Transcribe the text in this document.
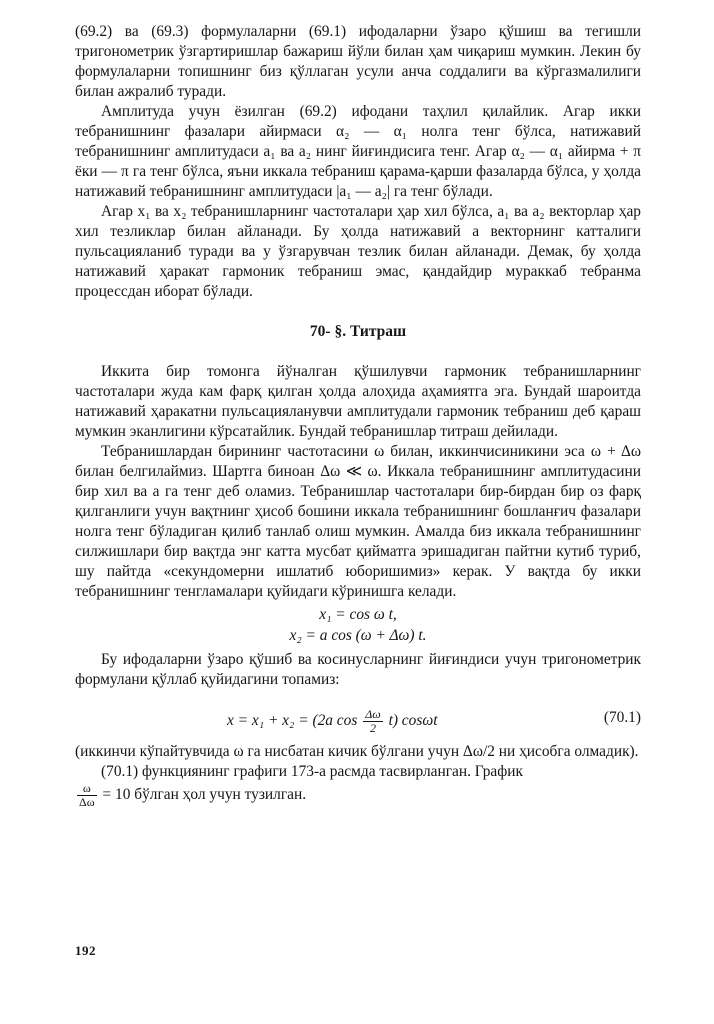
(69.2) ва (69.3) формулаларни (69.1) ифодаларни ўзаро қўшиш ва тегишли тригонометрик ўзгартиришлар бажариш йўли билан ҳам чиқариш мумкин. Лекин бу формулаларни топишнинг биз қўллаган усули анча соддалиги ва кўргазмалилиги билан ажралиб туради.

Амплитуда учун ёзилган (69.2) ифодани таҳлил қилайлик. Агар икки тебранишнинг фазалари айирмаси α₂ — α₁ нолга тенг бўлса, натижавий тебранишнинг амплитудаси a₁ ва a₂ нинг йиғиндисига тенг. Агар α₂ — α₁ айирма + π ёки — π га тенг бўлса, яъни иккала тебраниш қарама-қарши фазаларда бўлса, у ҳолда натижавий тебранишнинг амплитудаси |a₁ — a₂| га тенг бўлади.

Агар x₁ ва x₂ тебранишларнинг частоталари ҳар хил бўлса, a₁ ва a₂ векторлар ҳар хил тезликлар билан айланади. Бу ҳолда натижавий a векторнинг катталиги пульсацияланиб туради ва у ўзгарувчан тезлик билан айланади. Демак, бу ҳолда натижавий ҳаракат гармоник тебраниш эмас, қандайдир мураккаб тебранма процессдан иборат бўлади.

70- §. Титраш

Иккита бир томонга йўналган қўшилувчи гармоник тебранишларнинг частоталари жуда кам фарқ қилган ҳолда алоҳида аҳамиятга эга. Бундай шароитда натижавий ҳаракатни пульсацияланувчи амплитудали гармоник тебраниш деб қараш мумкин эканлигини кўрсатайлик. Бундай тебранишлар титраш дейилади.

Тебранишлардан бирининг частотасини ω билан, иккинчисиникини эса ω + Δω билан белгилаймиз. Шартга биноан Δω ≪ ω. Иккала тебранишнинг амплитудасини бир хил ва a га тенг деб оламиз. Тебранишлар частоталари бир-бирдан бир оз фарқ қилганлиги учун вақтнинг ҳисоб бошини иккала тебранишнинг бошланғич фазалари нолга тенг бўладиган қилиб танлаб олиш мумкин. Амалда биз иккала тебранишнинг силжишлари бир вақтда энг катта мусбат қийматга эришадиган пайтни кутиб туриб, шу пайтда «секундомерни ишлатиб юборишимиз» керак. У вақтда бу икки тебранишнинг тенгламалари қуйидаги кўринишга келади.

x₁ = cos ω t,
x₂ = a cos (ω + Δω) t.

Бу ифодаларни ўзаро қўшиб ва косинусларнинг йиғиндиси учун тригонометрик формулани қўллаб қуйидагини топамиз:

x = x₁ + x₂ = (2a $\cos \frac{\Delta\omega}{2} t$) cosωt	(70.1)

(иккинчи кўпайтувчида ω га нисбатан кичик бўлгани учун Δω/2 ни ҳисобга олмадик).

(70.1) функциянинг графиги 173-a расмда тасвирланган. График

$\frac{\omega}{\Delta\omega} = 10$ бўлган ҳол учун тузилган.

192
